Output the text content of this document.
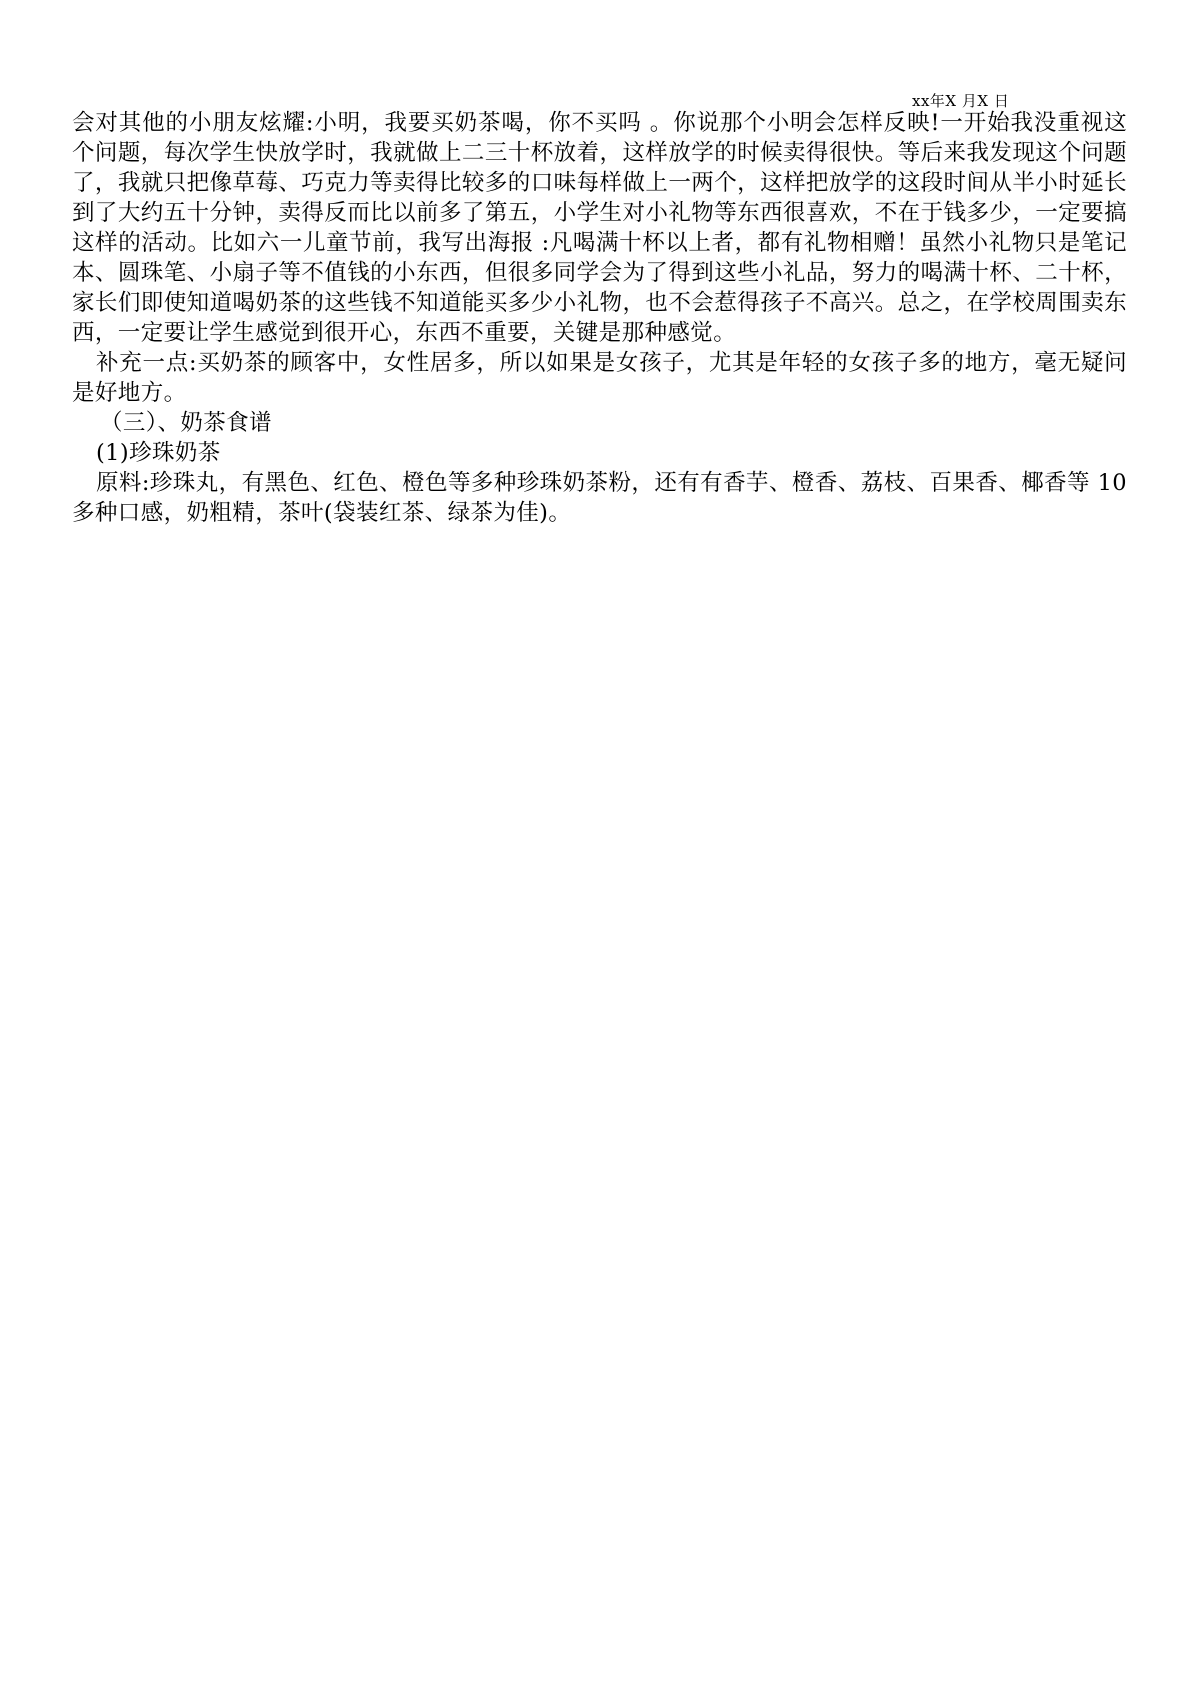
xx年X 月X 日

会对其他的小朋友炫耀:小明，我要买奶茶喝，你不买吗 。你说那个小明会怎样反映!一开始我没重视这个问题，每次学生快放学时，我就做上二三十杯放着，这样放学的时候卖得很快。等后来我发现这个问题了，我就只把像草莓、巧克力等卖得比较多的口味每样做上一两个，这样把放学的这段时间从半小时延长到了大约五十分钟，卖得反而比以前多了第五，小学生对小礼物等东西很喜欢，不在于钱多少，一定要搞这样的活动。比如六一儿童节前，我写出海报 :凡喝满十杯以上者，都有礼物相赠！虽然小礼物只是笔记本、圆珠笔、小扇子等不值钱的小东西，但很多同学会为了得到这些小礼品，努力的喝满十杯、二十杯，家长们即使知道喝奶茶的这些钱不知道能买多少小礼物，也不会惹得孩子不高兴。总之，在学校周围卖东西，一定要让学生感觉到很开心，东西不重要，关键是那种感觉。

补充一点:买奶茶的顾客中，女性居多，所以如果是女孩子，尤其是年轻的女孩子多的地方，毫无疑问是好地方。

（三）、奶茶食谱

(1)珍珠奶茶

原料:珍珠丸，有黑色、红色、橙色等多种珍珠奶茶粉，还有有香芋、橙香、荔枝、百果香、椰香等 10 多种口感，奶粗精，茶叶(袋装红茶、绿茶为佳)。
